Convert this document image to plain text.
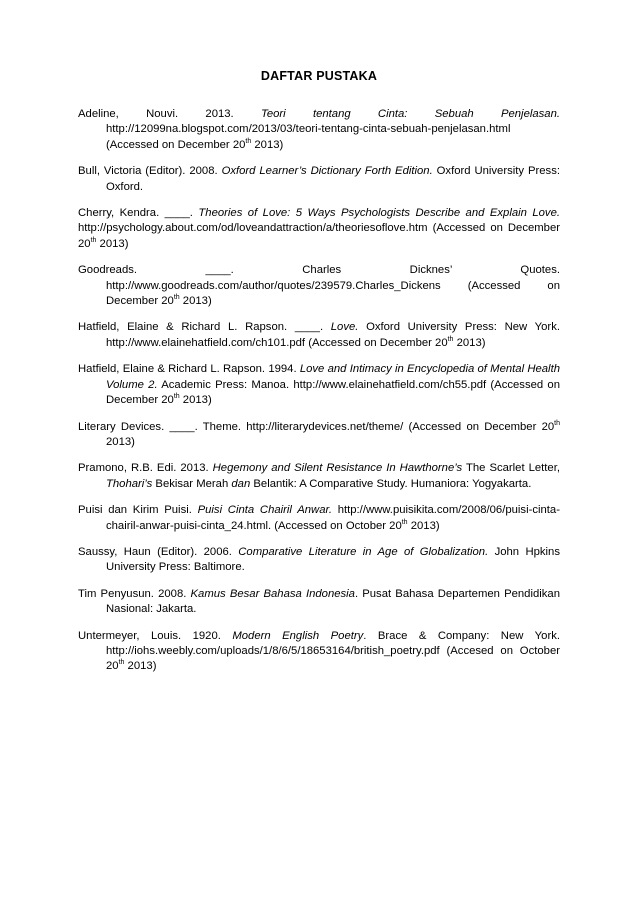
DAFTAR PUSTAKA

Adeline, Nouvi. 2013. Teori tentang Cinta: Sebuah Penjelasan. http://12099na.blogspot.com/2013/03/teori-tentang-cinta-sebuah-penjelasan.html (Accessed on December 20th 2013)

Bull, Victoria (Editor). 2008. Oxford Learner’s Dictionary Forth Edition. Oxford University Press: Oxford.

Cherry, Kendra. ____. Theories of Love: 5 Ways Psychologists Describe and Explain Love. http://psychology.about.com/od/loveandattraction/a/theoriesoflove.htm (Accessed on December 20th 2013)

Goodreads. ____. Charles Dicknes’ Quotes. http://www.goodreads.com/author/quotes/239579.Charles_Dickens (Accessed on December 20th 2013)

Hatfield, Elaine & Richard L. Rapson. ____. Love. Oxford University Press: New York. http://www.elainehatfield.com/ch101.pdf (Accessed on December 20th 2013)

Hatfield, Elaine & Richard L. Rapson. 1994. Love and Intimacy in Encyclopedia of Mental Health Volume 2. Academic Press: Manoa. http://www.elainehatfield.com/ch55.pdf (Accessed on December 20th 2013)

Literary Devices. ____. Theme. http://literarydevices.net/theme/ (Accessed on December 20th 2013)

Pramono, R.B. Edi. 2013. Hegemony and Silent Resistance In Hawthorne’s The Scarlet Letter, Thohari’s Bekisar Merah dan Belantik: A Comparative Study. Humaniora: Yogyakarta.

Puisi dan Kirim Puisi. Puisi Cinta Chairil Anwar. http://www.puisikita.com/2008/06/puisi-cinta-chairil-anwar-puisi-cinta_24.html. (Accessed on October 20th 2013)

Saussy, Haun (Editor). 2006. Comparative Literature in Age of Globalization. John Hpkins University Press: Baltimore.

Tim Penyusun. 2008. Kamus Besar Bahasa Indonesia. Pusat Bahasa Departemen Pendidikan Nasional: Jakarta.

Untermeyer, Louis. 1920. Modern English Poetry. Brace & Company: New York. http://iohs.weebly.com/uploads/1/8/6/5/18653164/british_poetry.pdf (Accesed on October 20th 2013)
